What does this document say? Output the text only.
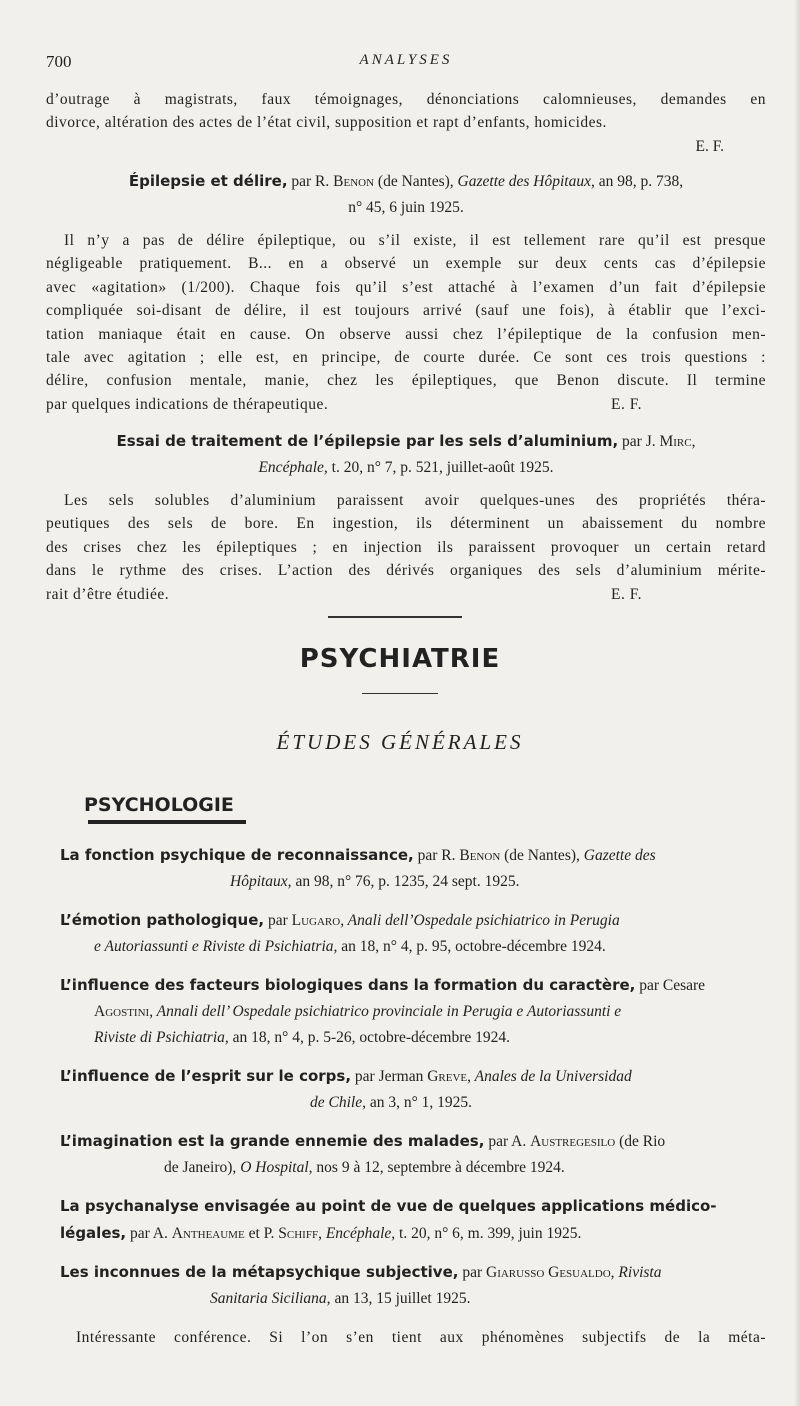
700	ANALYSES

d’outrage à magistrats, faux témoignages, dénonciations calomnieuses, demandes en

divorce, altération des actes de l’état civil, supposition et rapt d’enfants, homicides.

E. F.
Épilepsie et délire, par R. Benon (de Nantes), Gazette des Hôpitaux, an 98, p. 738,
n° 45, 6 juin 1925.

Il n’y a pas de délire épileptique, ou s’il existe, il est tellement rare qu’il est presque

négligeable pratiquement. B... en a observé un exemple sur deux cents cas d’épilepsie

avec «agitation» (1/200). Chaque fois qu’il s’est attaché à l’examen d’un fait d’épilepsie

compliquée soi-disant de délire, il est toujours arrivé (sauf une fois), à établir que l’exci-

tation maniaque était en cause. On observe aussi chez l’épileptique de la confusion men-

tale avec agitation ; elle est, en principe, de courte durée. Ce sont ces trois questions :

délire, confusion mentale, manie, chez les épileptiques, que Benon discute. Il termine

par quelques indications de thérapeutique.	E. F.

Essai de traitement de l’épilepsie par les sels d’aluminium, par J. Mirc,
Encéphale, t. 20, n° 7, p. 521, juillet-août 1925.

Les sels solubles d’aluminium paraissent avoir quelques-unes des propriétés théra-

peutiques des sels de bore. En ingestion, ils déterminent un abaissement du nombre

des crises chez les épileptiques ; en injection ils paraissent provoquer un certain retard

dans le rythme des crises. L’action des dérivés organiques des sels d’aluminium mérite-

rait d’être étudiée.	E. F.

PSYCHIATRIE
ÉTUDES GÉNÉRALES
PSYCHOLOGIE
La fonction psychique de reconnaissance, par R. Benon (de Nantes), Gazette des
Hôpitaux, an 98, n° 76, p. 1235, 24 sept. 1925.
L’émotion pathologique, par Lugaro, Anali dell’Ospedale psichiatrico in Perugia
e Autoriassunti e Riviste di Psichiatria, an 18, n° 4, p. 95, octobre-décembre 1924.
L’influence des facteurs biologiques dans la formation du caractère, par Cesare
Agostini, Annali dell’ Ospedale psichiatrico provinciale in Perugia e Autoriassunti e
Riviste di Psichiatria, an 18, n° 4, p. 5-26, octobre-décembre 1924.
L’influence de l’esprit sur le corps, par Jerman Greve, Anales de la Universidad
de Chile, an 3, n° 1, 1925.
L’imagination est la grande ennemie des malades, par A. Austregesilo (de Rio
de Janeiro), O Hospital, nos 9 à 12, septembre à décembre 1924.
La psychanalyse envisagée au point de vue de quelques applications médico-
légales, par A. Antheaume et P. Schiff, Encéphale, t. 20, n° 6, m. 399, juin 1925.
Les inconnues de la métapsychique subjective, par Giarusso Gesualdo, Rivista
Sanitaria Siciliana, an 13, 15 juillet 1925.

Intéressante conférence. Si l’on s’en tient aux phénomènes subjectifs de la méta-
